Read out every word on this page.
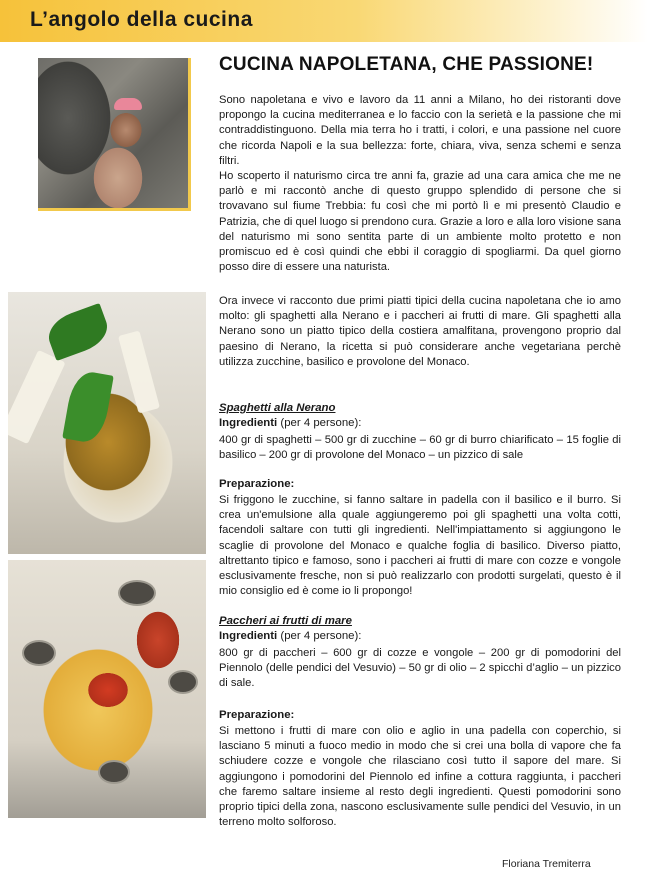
L’angolo della cucina
CUCINA NAPOLETANA, CHE PASSIONE!

Sono napoletana e vivo e lavoro da 11 anni a Milano, ho dei ristoranti dove propongo la cucina mediterranea e lo faccio con la serietà e la passione che mi contraddistinguono. Della mia terra ho i tratti, i colori, e una passione nel cuore che ricorda Napoli e la sua bellezza: forte, chiara, viva, senza schemi e senza filtri.

Ho scoperto il naturismo circa tre anni fa, grazie ad una cara amica che me ne parlò e mi raccontò anche di questo gruppo splendido di persone che si trovavano sul fiume Trebbia: fu così che mi portò lì e mi presentò Claudio e Patrizia, che di quel luogo si prendono cura. Grazie a loro e alla loro visione sana del naturismo mi sono sentita parte di un ambiente molto protetto e non promiscuo ed è così quindi che ebbi il coraggio di spogliarmi. Da quel giorno posso dire di essere una naturista.

Ora invece vi racconto due primi piatti tipici della cucina napoletana che io amo molto: gli spaghetti alla Nerano e i paccheri ai frutti di mare. Gli spaghetti alla Nerano sono un piatto tipico della costiera amalfitana, provengono proprio dal paesino di Nerano, la ricetta si può considerare anche vegetariana perchè utilizza zucchine, basilico e provolone del Monaco.
Spaghetti alla Nerano
Ingredienti (per 4 persone):
400 gr di spaghetti – 500 gr di zucchine – 60 gr di burro chiarificato – 15 foglie di basilico – 200 gr di provolone del Monaco – un pizzico di sale
Preparazione:
Si friggono le zucchine, si fanno saltare in padella con il basilico e il burro. Si crea un'emulsione alla quale aggiungeremo poi gli spaghetti una volta cotti, facendoli saltare con tutti gli ingredienti. Nell'impiattamento si aggiungono le scaglie di provolone del Monaco e qualche foglia di basilico. Diverso piatto, altrettanto tipico e famoso, sono i paccheri ai frutti di mare con cozze e vongole esclusivamente fresche, non si può realizzarlo con prodotti surgelati, questo è il mio consiglio ed è come io li propongo!
Paccheri ai frutti di mare
Ingredienti (per 4 persone):
800 gr di paccheri – 600 gr di cozze e vongole – 200 gr di pomodorini del Piennolo (delle pendici del Vesuvio) – 50 gr di olio – 2 spicchi d’aglio – un pizzico di sale.
Preparazione:
Si mettono i frutti di mare con olio e aglio in una padella con coperchio, si lasciano 5 minuti a fuoco medio in modo che si crei una bolla di vapore che fa schiudere cozze e vongole che rilasciano così tutto il sapore del mare. Si aggiungono i pomodorini del Piennolo ed infine a cottura raggiunta, i paccheri che faremo saltare insieme al resto degli ingredienti. Questi pomodorini sono proprio tipici della zona, nascono esclusivamente sulle pendici del Vesuvio, in un terreno molto solforoso.
Floriana Tremiterra
